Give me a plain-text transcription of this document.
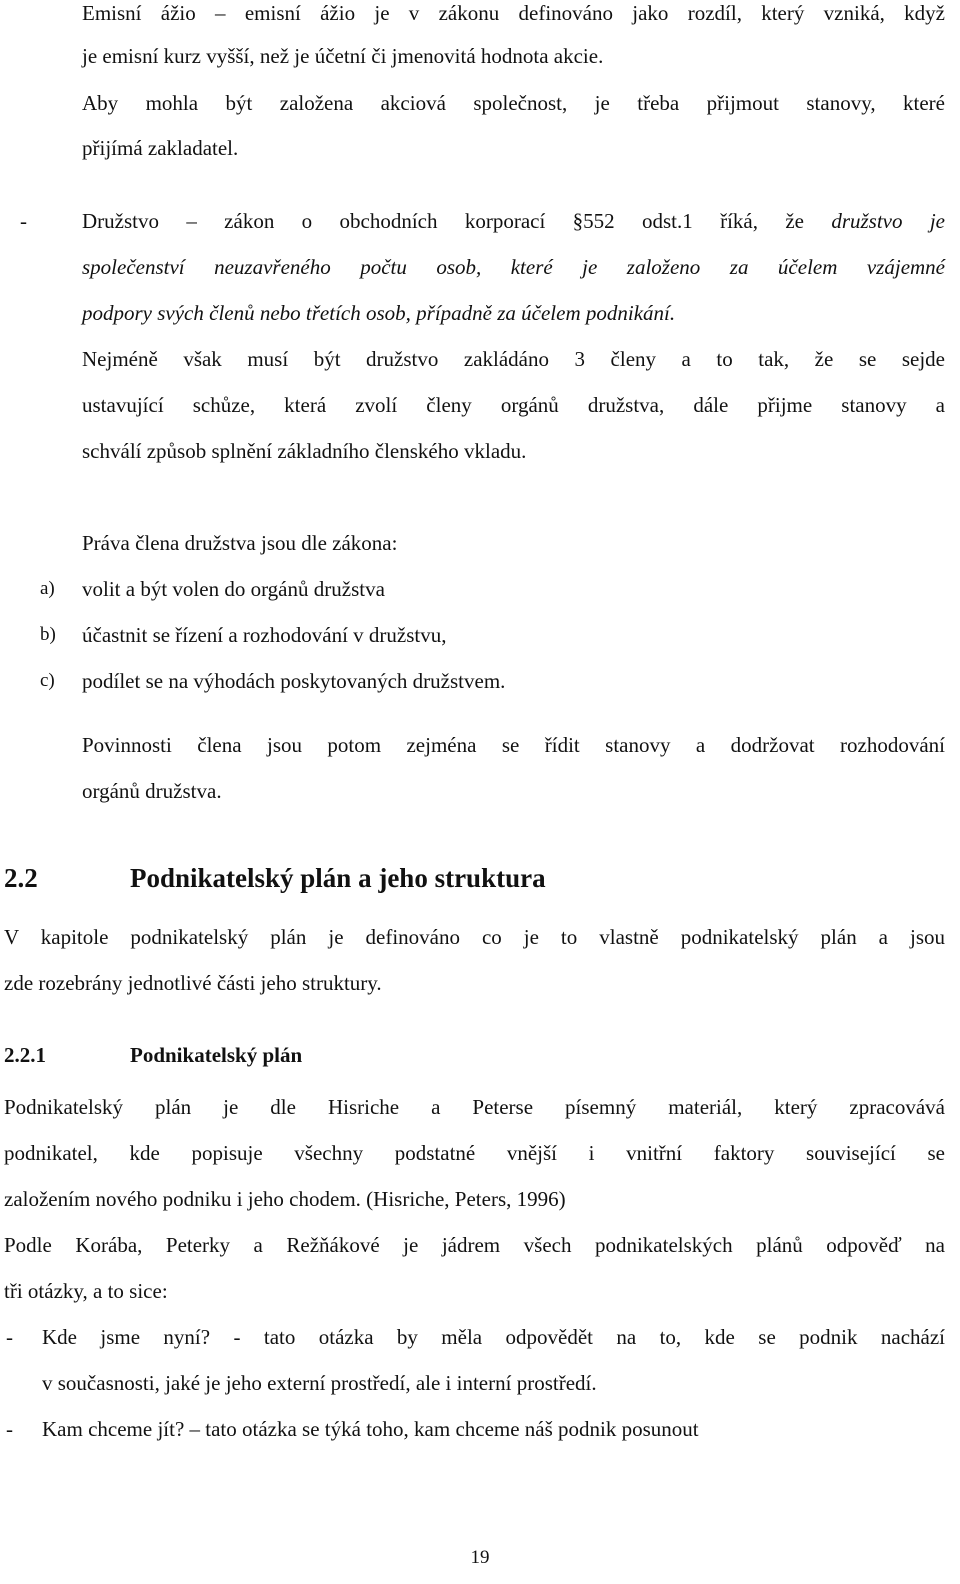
Emisní ážio – emisní ážio je v zákonu definováno jako rozdíl, který vzniká, když
je emisní kurz vyšší, než je účetní či jmenovitá hodnota akcie.
Aby mohla být založena akciová společnost, je třeba přijmout stanovy, které
přijímá zakladatel.
-	Družstvo – zákon o obchodních korporací §552 odst.1 říká, že družstvo je
společenství neuzavřeného počtu osob, které je založeno za účelem vzájemné
podpory svých členů nebo třetích osob, případně za účelem podnikání.
Nejméně však musí být družstvo zakládáno 3 členy a to tak, že se sejde
ustavující schůze, která zvolí členy orgánů družstva, dále přijme stanovy a
schválí způsob splnění základního členského vkladu.
Práva člena družstva jsou dle zákona:
a) volit a být volen do orgánů družstva
b) účastnit se řízení a rozhodování v družstvu,
c) podílet se na výhodách poskytovaných družstvem.
Povinnosti člena jsou potom zejména se řídit stanovy a dodržovat rozhodování
orgánů družstva.
2.2	Podnikatelský plán a jeho struktura
V kapitole podnikatelský plán je definováno co je to vlastně podnikatelský plán a jsou
zde rozebrány jednotlivé části jeho struktury.
2.2.1	Podnikatelský plán
Podnikatelský plán je dle Hisriche a Peterse písemný materiál, který zpracovává
podnikatel, kde popisuje všechny podstatné vnější i vnitřní faktory související se
založením nového podniku i jeho chodem. (Hisriche, Peters, 1996)
Podle Korába, Peterky a Režňákové je jádrem všech podnikatelských plánů odpověď na
tři otázky, a to sice:
- Kde jsme nyní? - tato otázka by měla odpovědět na to, kde se podnik nachází
v současnosti, jaké je jeho externí prostředí, ale i interní prostředí.
- Kam chceme jít? – tato otázka se týká toho, kam chceme náš podnik posunout
19
